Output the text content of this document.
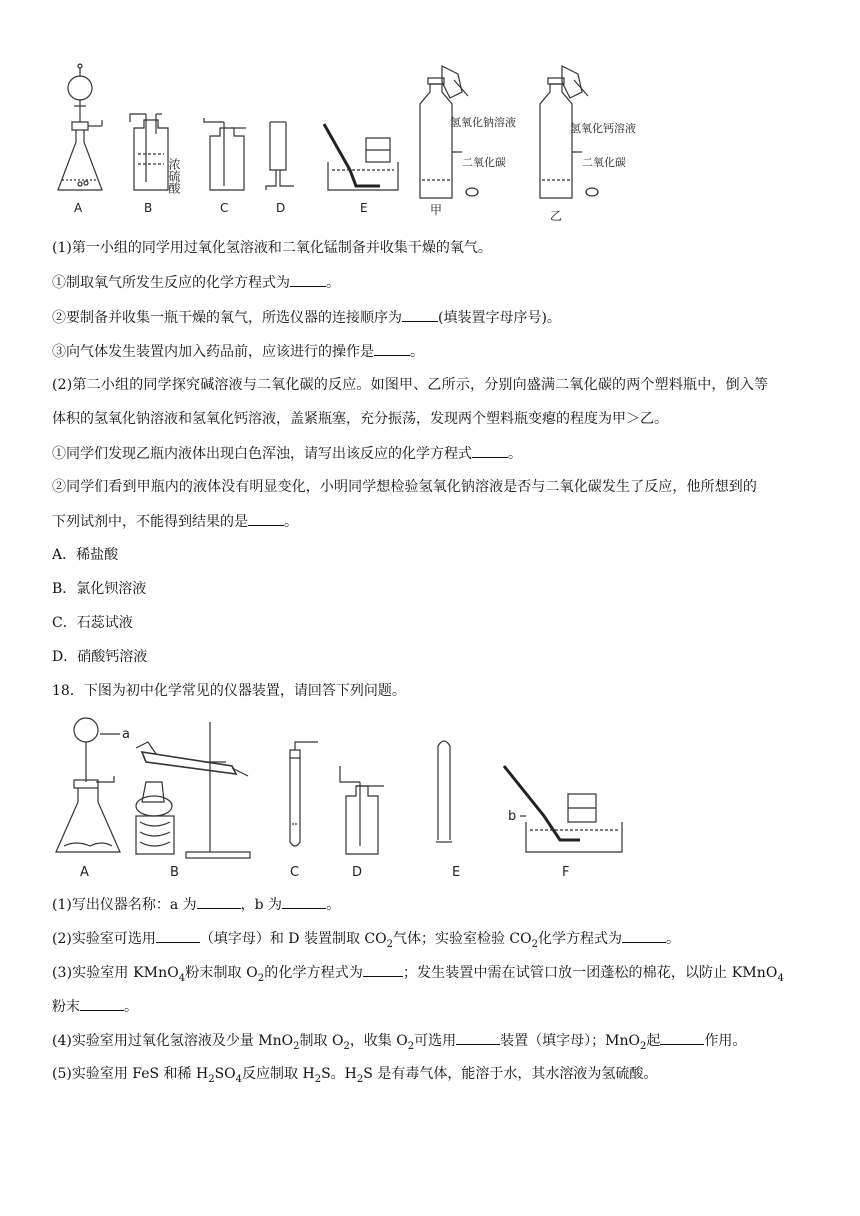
A	B	C	D	E	甲	乙
浓硫酸
氢氧化钠溶液	氢氧化钙溶液
二氧化碳	二氧化碳
(1)第一小组的同学用过氧化氢溶液和二氧化锰制备并收集干燥的氧气。
①制取氧气所发生反应的化学方程式为	。
②要制备并收集一瓶干燥的氧气，所选仪器的连接顺序为	(填装置字母序号)。
③向气体发生装置内加入药品前，应该进行的操作是	。
(2)第二小组的同学探究碱溶液与二氧化碳的反应。如图甲、乙所示，分别向盛满二氧化碳的两个塑料瓶中，倒入等
体积的氢氧化钠溶液和氢氧化钙溶液，盖紧瓶塞，充分振荡，发现两个塑料瓶变瘪的程度为甲＞乙。
①同学们发现乙瓶内液体出现白色浑浊，请写出该反应的化学方程式	。
②同学们看到甲瓶内的液体没有明显变化，小明同学想检验氢氧化钠溶液是否与二氧化碳发生了反应，他所想到的
下列试剂中，不能得到结果的是	。
A．稀盐酸
B．氯化钡溶液
C．石蕊试液
D．硝酸钙溶液
18．下图为初中化学常见的仪器装置，请回答下列问题。
A	B	C	D	E	F
a
b
(1)写出仪器名称：a 为	，b 为	。
(2)实验室可选用	（填字母）和 D 装置制取 $CO_2$气体；实验室检验 $CO_2$化学方程式为	。
(3)实验室用 KMnO$_4$粉末制取 $O_2$的化学方程式为	；发生装置中需在试管口放一团蓬松的棉花，以防止 KMnO$_4$
粉末	。
(4)实验室用过氧化氢溶液及少量 MnO$_2$制取 $O_2$，收集 $O_2$可选用	装置（填字母）；MnO$_2$起	作用。
(5)实验室用 FeS 和稀 $H_2SO_4$反应制取 $H_2S$。$H_2S$ 是有毒气体，能溶于水，其水溶液为氢硫酸。
